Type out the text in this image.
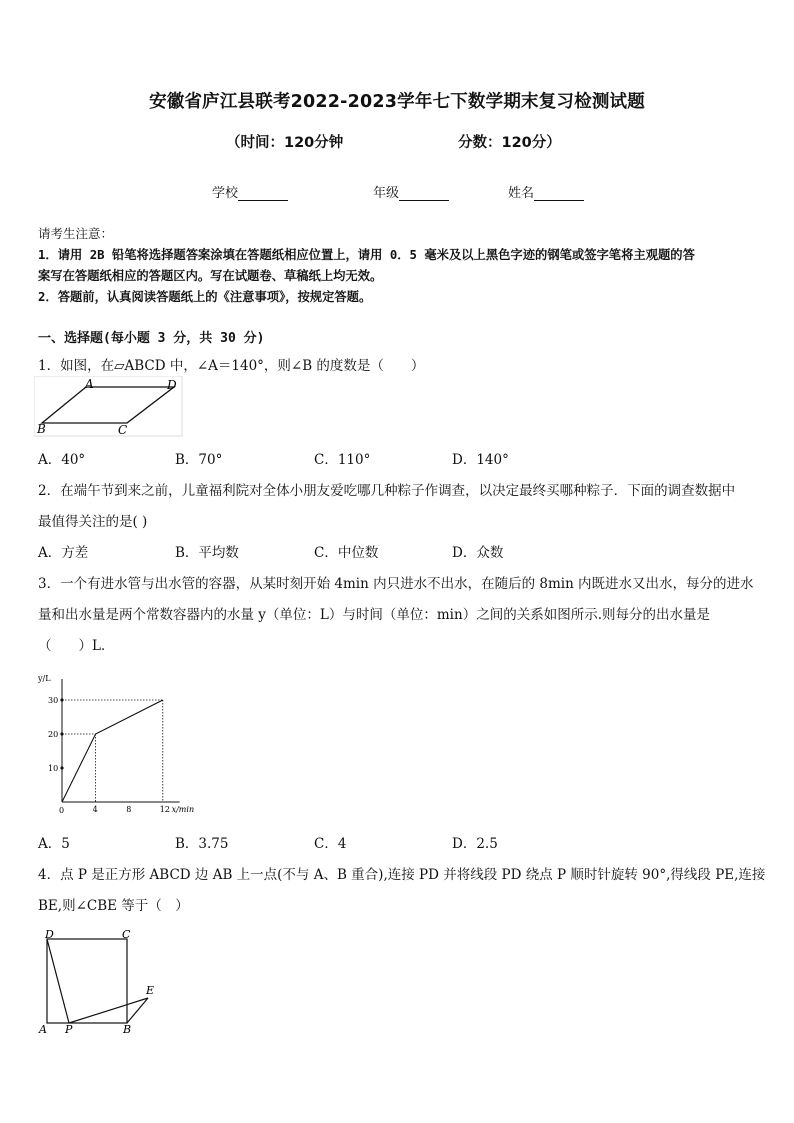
安徽省庐江县联考2022-2023学年七下数学期末复习检测试题
（时间：120分钟	分数：120分）
学校	年级	姓名
请考生注意：
1．请用 2B 铅笔将选择题答案涂填在答题纸相应位置上，请用 0．5 毫米及以上黑色字迹的钢笔或签字笔将主观题的答
案写在答题纸相应的答题区内。写在试题卷、草稿纸上均无效。
2．答题前，认真阅读答题纸上的《注意事项》，按规定答题。
一、选择题(每小题 3 分，共 30 分)
1．如图，在▱ABCD 中，∠A＝140°，则∠B 的度数是（　　）
A	D
B	C
A．40°	B．70°	C．110°	D．140°
2．在端午节到来之前，儿童福利院对全体小朋友爱吃哪几种粽子作调查，以决定最终买哪种粽子．下面的调查数据中
最值得关注的是( )
A．方差	B．平均数	C．中位数	D．众数
3．一个有进水管与出水管的容器，从某时刻开始 4min 内只进水不出水，在随后的 8min 内既进水又出水，每分的进水
量和出水量是两个常数容器内的水量 y（单位：L）与时间（单位：min）之间的关系如图所示.则每分的出水量是
（　　）L．
y/L
x/min
0	4	8	12
10
20
30
A．5	B．3.75	C．4	D．2.5
4．点 P 是正方形 ABCD 边 AB 上一点(不与 A、B 重合),连接 PD 并将线段 PD 绕点 P 顺时针旋转 90°,得线段 PE,连接
BE,则∠CBE 等于（　）
D	C
E
A P	B
